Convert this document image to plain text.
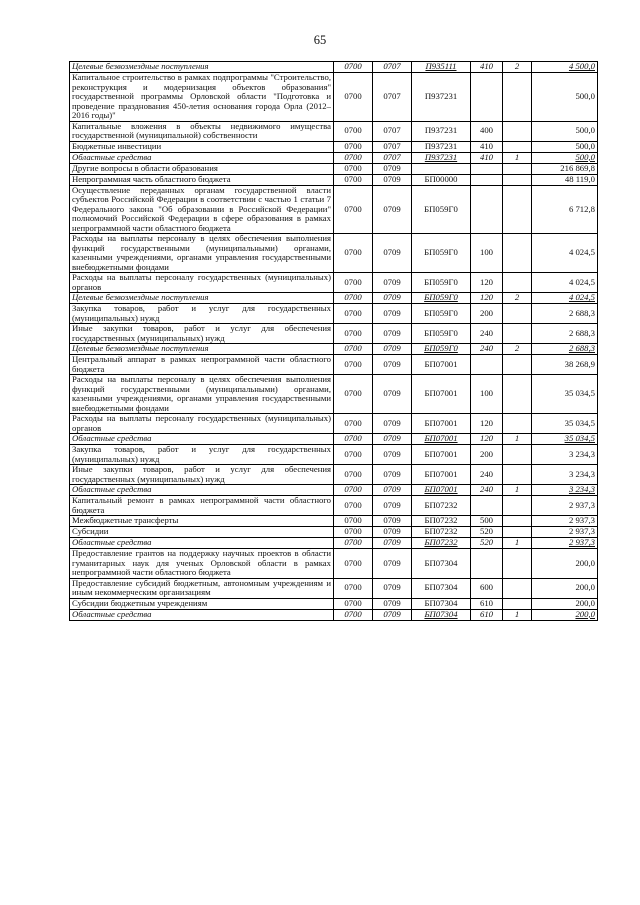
65
Целевые безвозмездные поступления	0700	0707	П935111	410	2	4 500,0
Капитальное строительство в рамках подпрограммы "Строительство, реконструкция и модернизация объектов образования" государственной программы Орловской области "Подготовка и проведение празднования 450-летия основания города Орла (2012–2016 годы)"	0700	0707	П937231			500,0
Капитальные вложения в объекты недвижимого имущества государственной (муниципальной) собственности	0700	0707	П937231	400		500,0
Бюджетные инвестиции	0700	0707	П937231	410		500,0
Областные средства	0700	0707	П937231	410	1	500,0
Другие вопросы в области образования	0700	0709				216 869,8
Непрограммная часть областного бюджета	0700	0709	БП00000			48 119,0
Осуществление переданных органам государственной власти субъектов Российской Федерации в соответствии с частью 1 статьи 7 Федерального закона "Об образовании в Российской Федерации" полномочий Российской Федерации в сфере образования в рамках непрограммной части областного бюджета	0700	0709	БП059Г0			6 712,8
Расходы на выплаты персоналу в целях обеспечения выполнения функций государственными (муниципальными) органами, казенными учреждениями, органами управления государственными внебюджетными фондами	0700	0709	БП059Г0	100		4 024,5
Расходы на выплаты персоналу государственных (муниципальных) органов	0700	0709	БП059Г0	120		4 024,5
Целевые безвозмездные поступления	0700	0709	БП059Г0	120	2	4 024,5
Закупка товаров, работ и услуг для государственных (муниципальных) нужд	0700	0709	БП059Г0	200		2 688,3
Иные закупки товаров, работ и услуг для обеспечения государственных (муниципальных) нужд	0700	0709	БП059Г0	240		2 688,3
Целевые безвозмездные поступления	0700	0709	БП059Г0	240	2	2 688,3
Центральный аппарат в рамках непрограммной части областного бюджета	0700	0709	БП07001			38 268,9
Расходы на выплаты персоналу в целях обеспечения выполнения функций государственными (муниципальными) органами, казенными учреждениями, органами управления государственными внебюджетными фондами	0700	0709	БП07001	100		35 034,5
Расходы на выплаты персоналу государственных (муниципальных) органов	0700	0709	БП07001	120		35 034,5
Областные средства	0700	0709	БП07001	120	1	35 034,5
Закупка товаров, работ и услуг для государственных (муниципальных) нужд	0700	0709	БП07001	200		3 234,3
Иные закупки товаров, работ и услуг для обеспечения государственных (муниципальных) нужд	0700	0709	БП07001	240		3 234,3
Областные средства	0700	0709	БП07001	240	1	3 234,3
Капитальный ремонт в рамках непрограммной части областного бюджета	0700	0709	БП07232			2 937,3
Межбюджетные трансферты	0700	0709	БП07232	500		2 937,3
Субсидии	0700	0709	БП07232	520		2 937,3
Областные средства	0700	0709	БП07232	520	1	2 937,3
Предоставление грантов на поддержку научных проектов в области гуманитарных наук для ученых Орловской области в рамках непрограммной части областного бюджета	0700	0709	БП07304			200,0
Предоставление субсидий бюджетным, автономным учреждениям и иным некоммерческим организациям	0700	0709	БП07304	600		200,0
Субсидии бюджетным учреждениям	0700	0709	БП07304	610		200,0
Областные средства	0700	0709	БП07304	610	1	200,0
